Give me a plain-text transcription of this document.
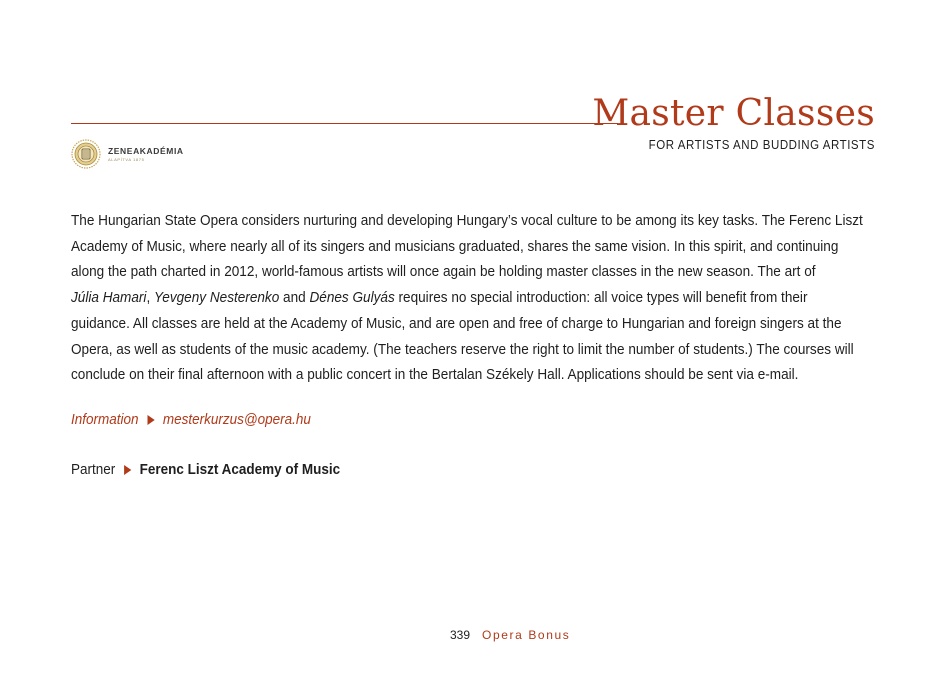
Master Classes
FOR ARTISTS AND BUDDING ARTISTS
ZENEAKADÉMIA
ALAPÍTVA 1875
The Hungarian State Opera considers nurturing and developing Hungary’s vocal culture to be among its key tasks. The Ferenc Liszt
Academy of Music, where nearly all of its singers and musicians graduated, shares the same vision. In this spirit, and continuing
along the path charted in 2012, world-famous artists will once again be holding master classes in the new season. The art of
Júlia Hamari, Yevgeny Nesterenko and Dénes Gulyás requires no special introduction: all voice types will benefit from their
guidance. All classes are held at the Academy of Music, and are open and free of charge to Hungarian and foreign singers at the
Opera, as well as students of the music academy. (The teachers reserve the right to limit the number of students.) The courses will
conclude on their final afternoon with a public concert in the Bertalan Székely Hall. Applications should be sent via e-mail.
Information mesterkurzus@opera.hu
Partner Ferenc Liszt Academy of Music
339 Opera Bonus
